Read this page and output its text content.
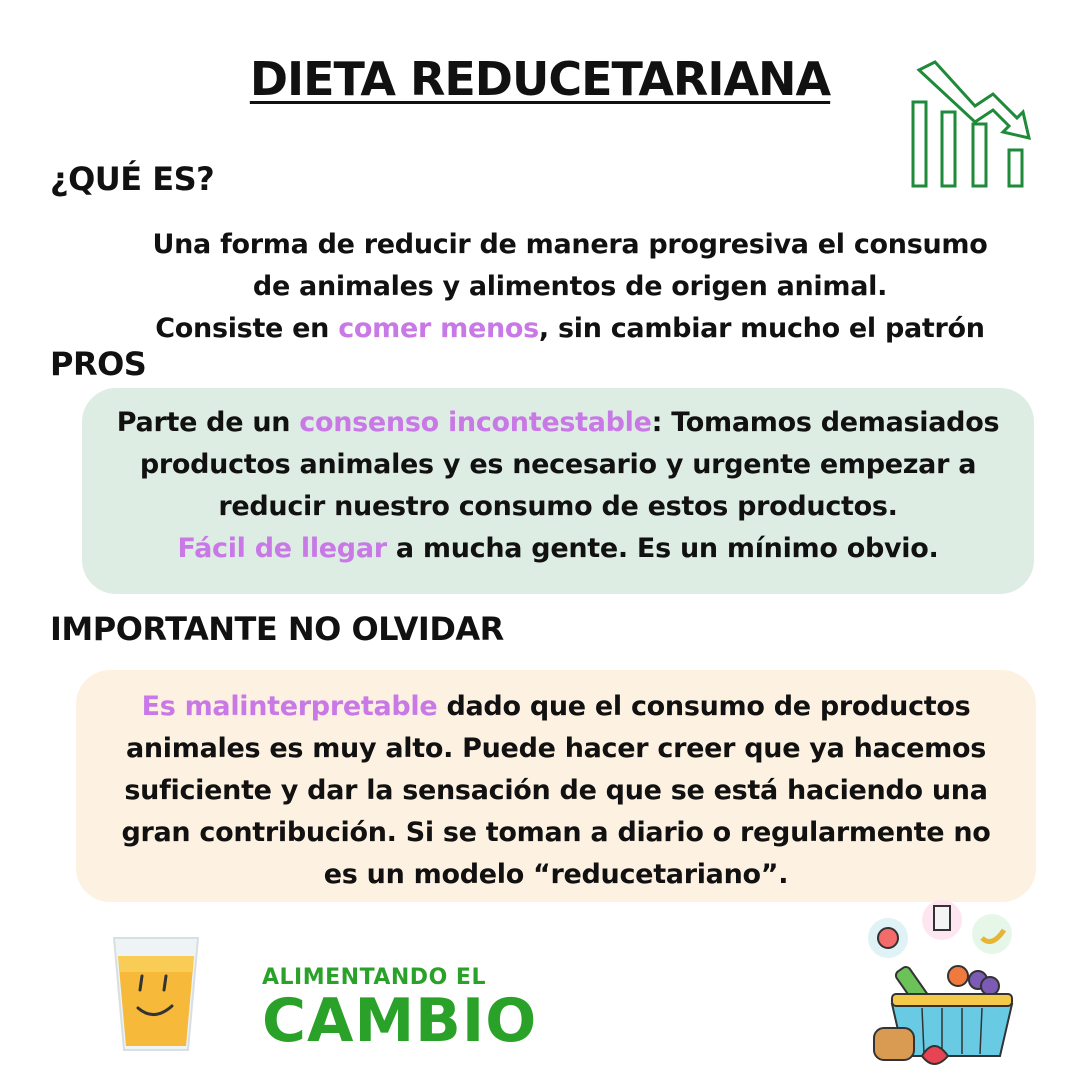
DIETA REDUCETARIANA
¿QUÉ ES?
Una forma de reducir de manera progresiva el consumo
de animales y alimentos de origen animal.
Consiste en comer menos, sin cambiar mucho el patrón
PROS
Parte de un consenso incontestable: Tomamos demasiados
productos animales y es necesario y urgente empezar a
reducir nuestro consumo de estos productos.
Fácil de llegar a mucha gente. Es un mínimo obvio.
IMPORTANTE NO OLVIDAR
Es malinterpretable dado que el consumo de productos
animales es muy alto. Puede hacer creer que ya hacemos
suficiente y dar la sensación de que se está haciendo una
gran contribución. Si se toman a diario o regularmente no
es un modelo “reducetariano”.
ALIMENTANDO EL
CAMBIO
